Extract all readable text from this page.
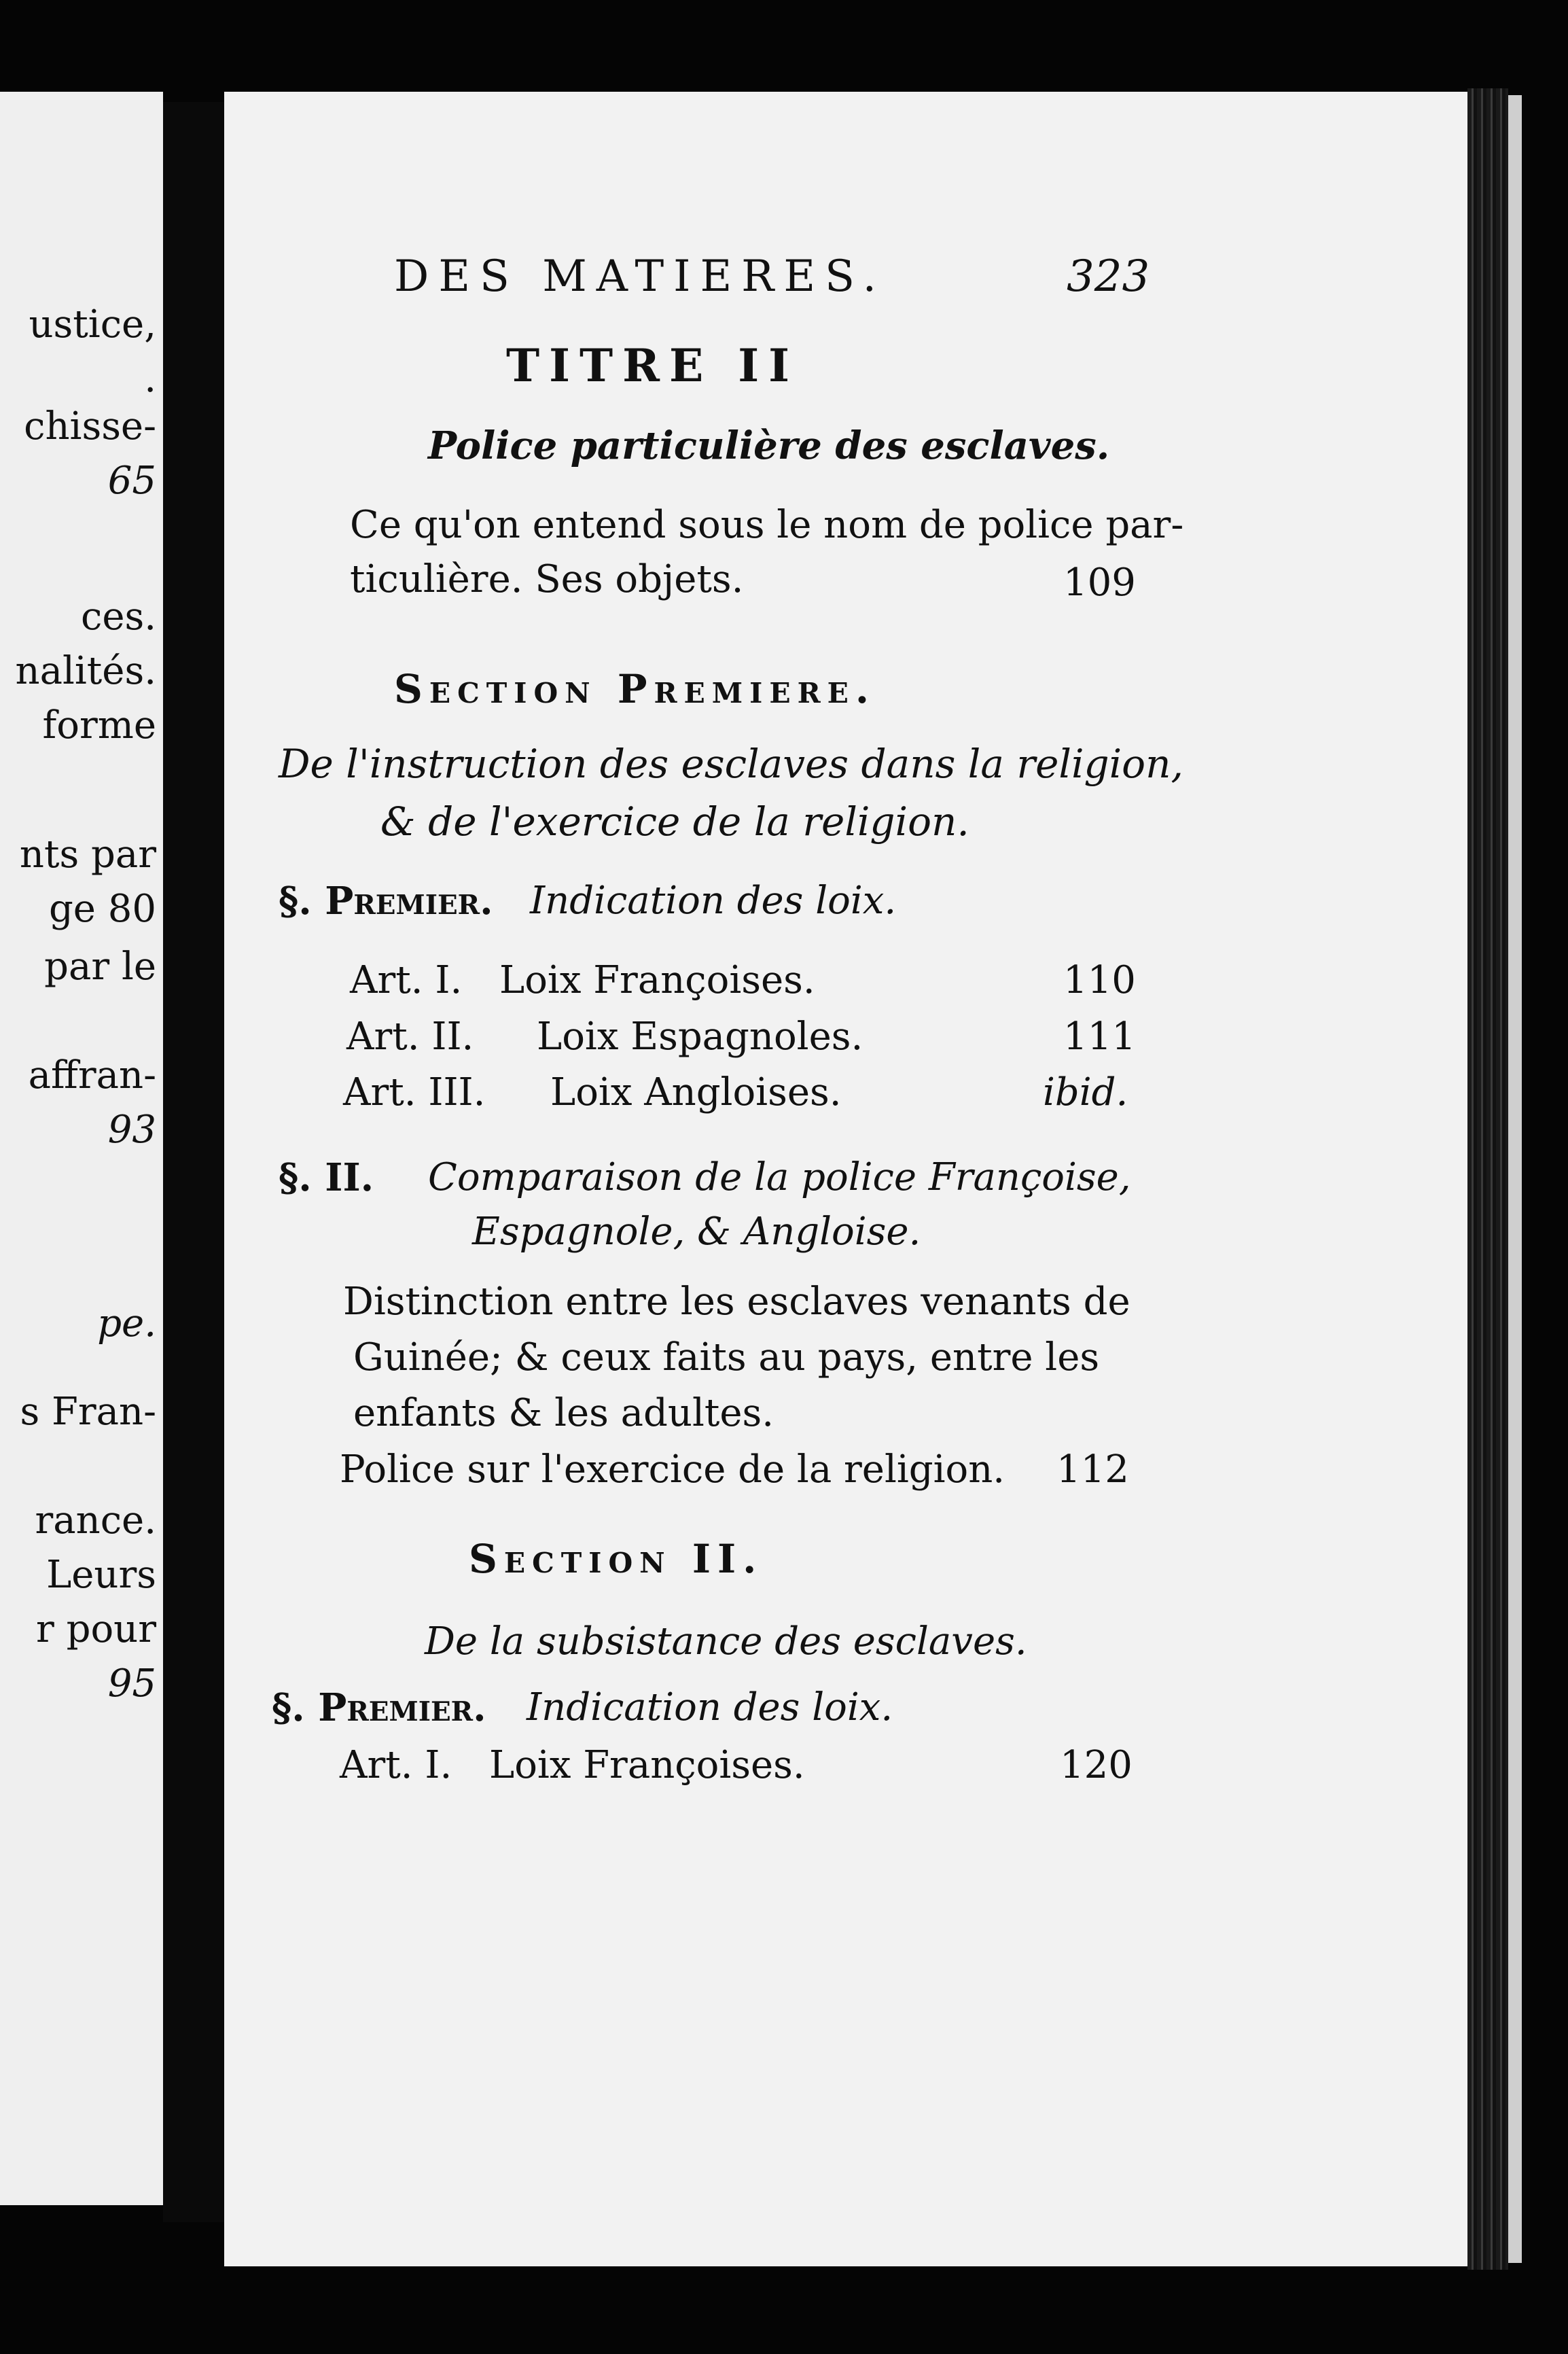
ustice,
.
chisse-
65
ces.
nalités.
forme
nts par
ge 80
par le
affran-
93
pe.
s Fran-
rance.
Leurs
r pour
95
DES MATIERES.	323
TITRE II
Police particulière des esclaves.
Ce qu'on entend sous le nom de police par-
ticulière. Ses objets.	109
Section Premiere.
De l'instruction des esclaves dans la religion,
& de l'exercice de la religion.
§. Premier. Indication des loix.
Art. I. Loix Françoises.	110
Art. II. Loix Espagnoles.	111
Art. III. Loix Angloises.	ibid.
§. II. Comparaison de la police Françoise,
Espagnole, & Angloise.
Distinction entre les esclaves venants de
Guinée; & ceux faits au pays, entre les
enfants & les adultes.
Police sur l'exercice de la religion. 112
Section II.
De la subsistance des esclaves.
§. Premier. Indication des loix.
Art. I. Loix Françoises.	120
